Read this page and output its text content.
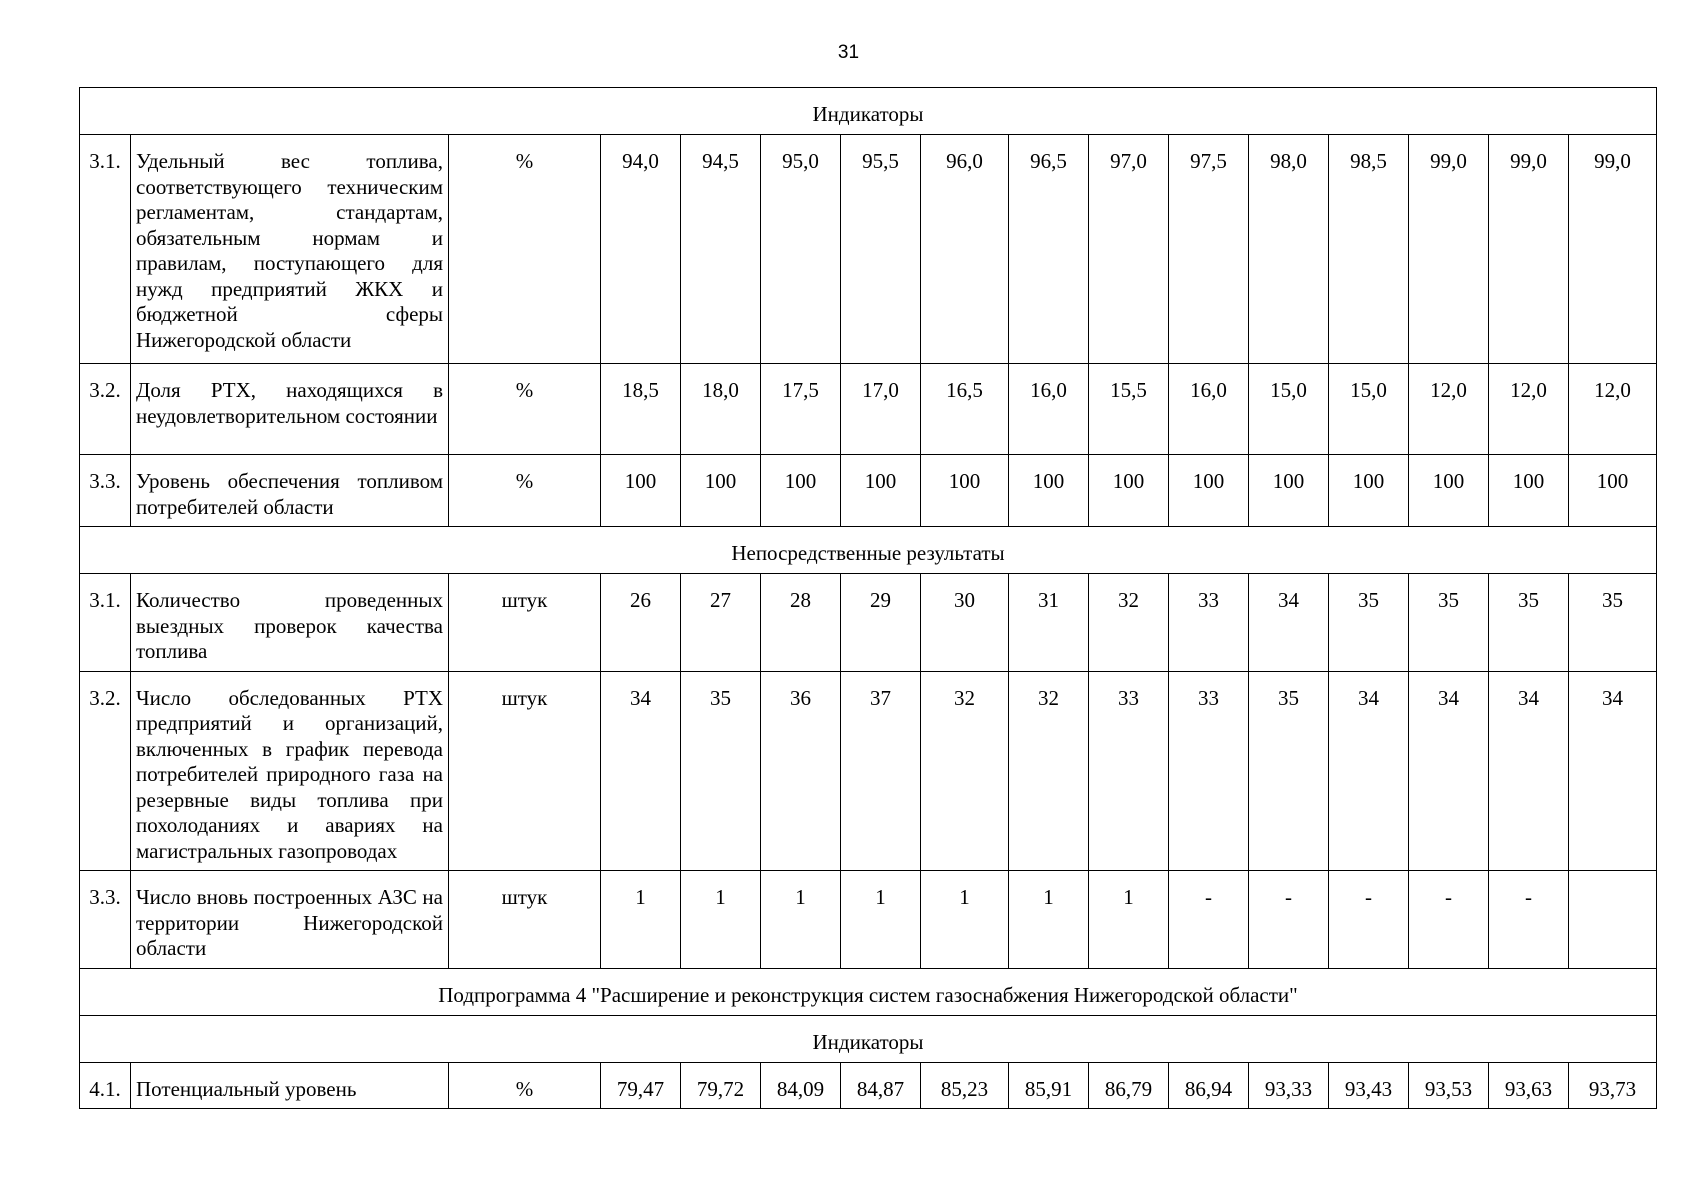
31
Индикаторы															
3.1.	Удельный вес топлива, соответствующего техническим регламентам, стандартам, обязательным нормам и правилам, поступающего для нужд предприятий ЖКХ и бюджетной сферы Нижегородской области	%	94,0	94,5	95,0	95,5	96,0	96,5	97,0	97,5	98,0	98,5	99,0	99,0	99,0
3.2.	Доля РТХ, находящихся в неудовлетворительном состоянии	%	18,5	18,0	17,5	17,0	16,5	16,0	15,5	16,0	15,0	15,0	12,0	12,0	12,0
3.3.	Уровень обеспечения топливом потребителей области	%	100	100	100	100	100	100	100	100	100	100	100	100	100
Непосредственные результаты															
3.1.	Количество проведенных выездных проверок качества топлива	штук	26	27	28	29	30	31	32	33	34	35	35	35	35
3.2.	Число обследованных РТХ предприятий и организаций, включенных в график перевода потребителей природного газа на резервные виды топлива при похолоданиях и авариях на магистральных газопроводах	штук	34	35	36	37	32	32	33	33	35	34	34	34	34
3.3.	Число вновь построенных АЗС на территории Нижегородской области	штук	1	1	1	1	1	1	1	-	-	-	-	-	
Подпрограмма 4 "Расширение и реконструкция систем газоснабжения Нижегородской области"															
Индикаторы															
4.1.	Потенциальный уровень	%	79,47	79,72	84,09	84,87	85,23	85,91	86,79	86,94	93,33	93,43	93,53	93,63	93,73
